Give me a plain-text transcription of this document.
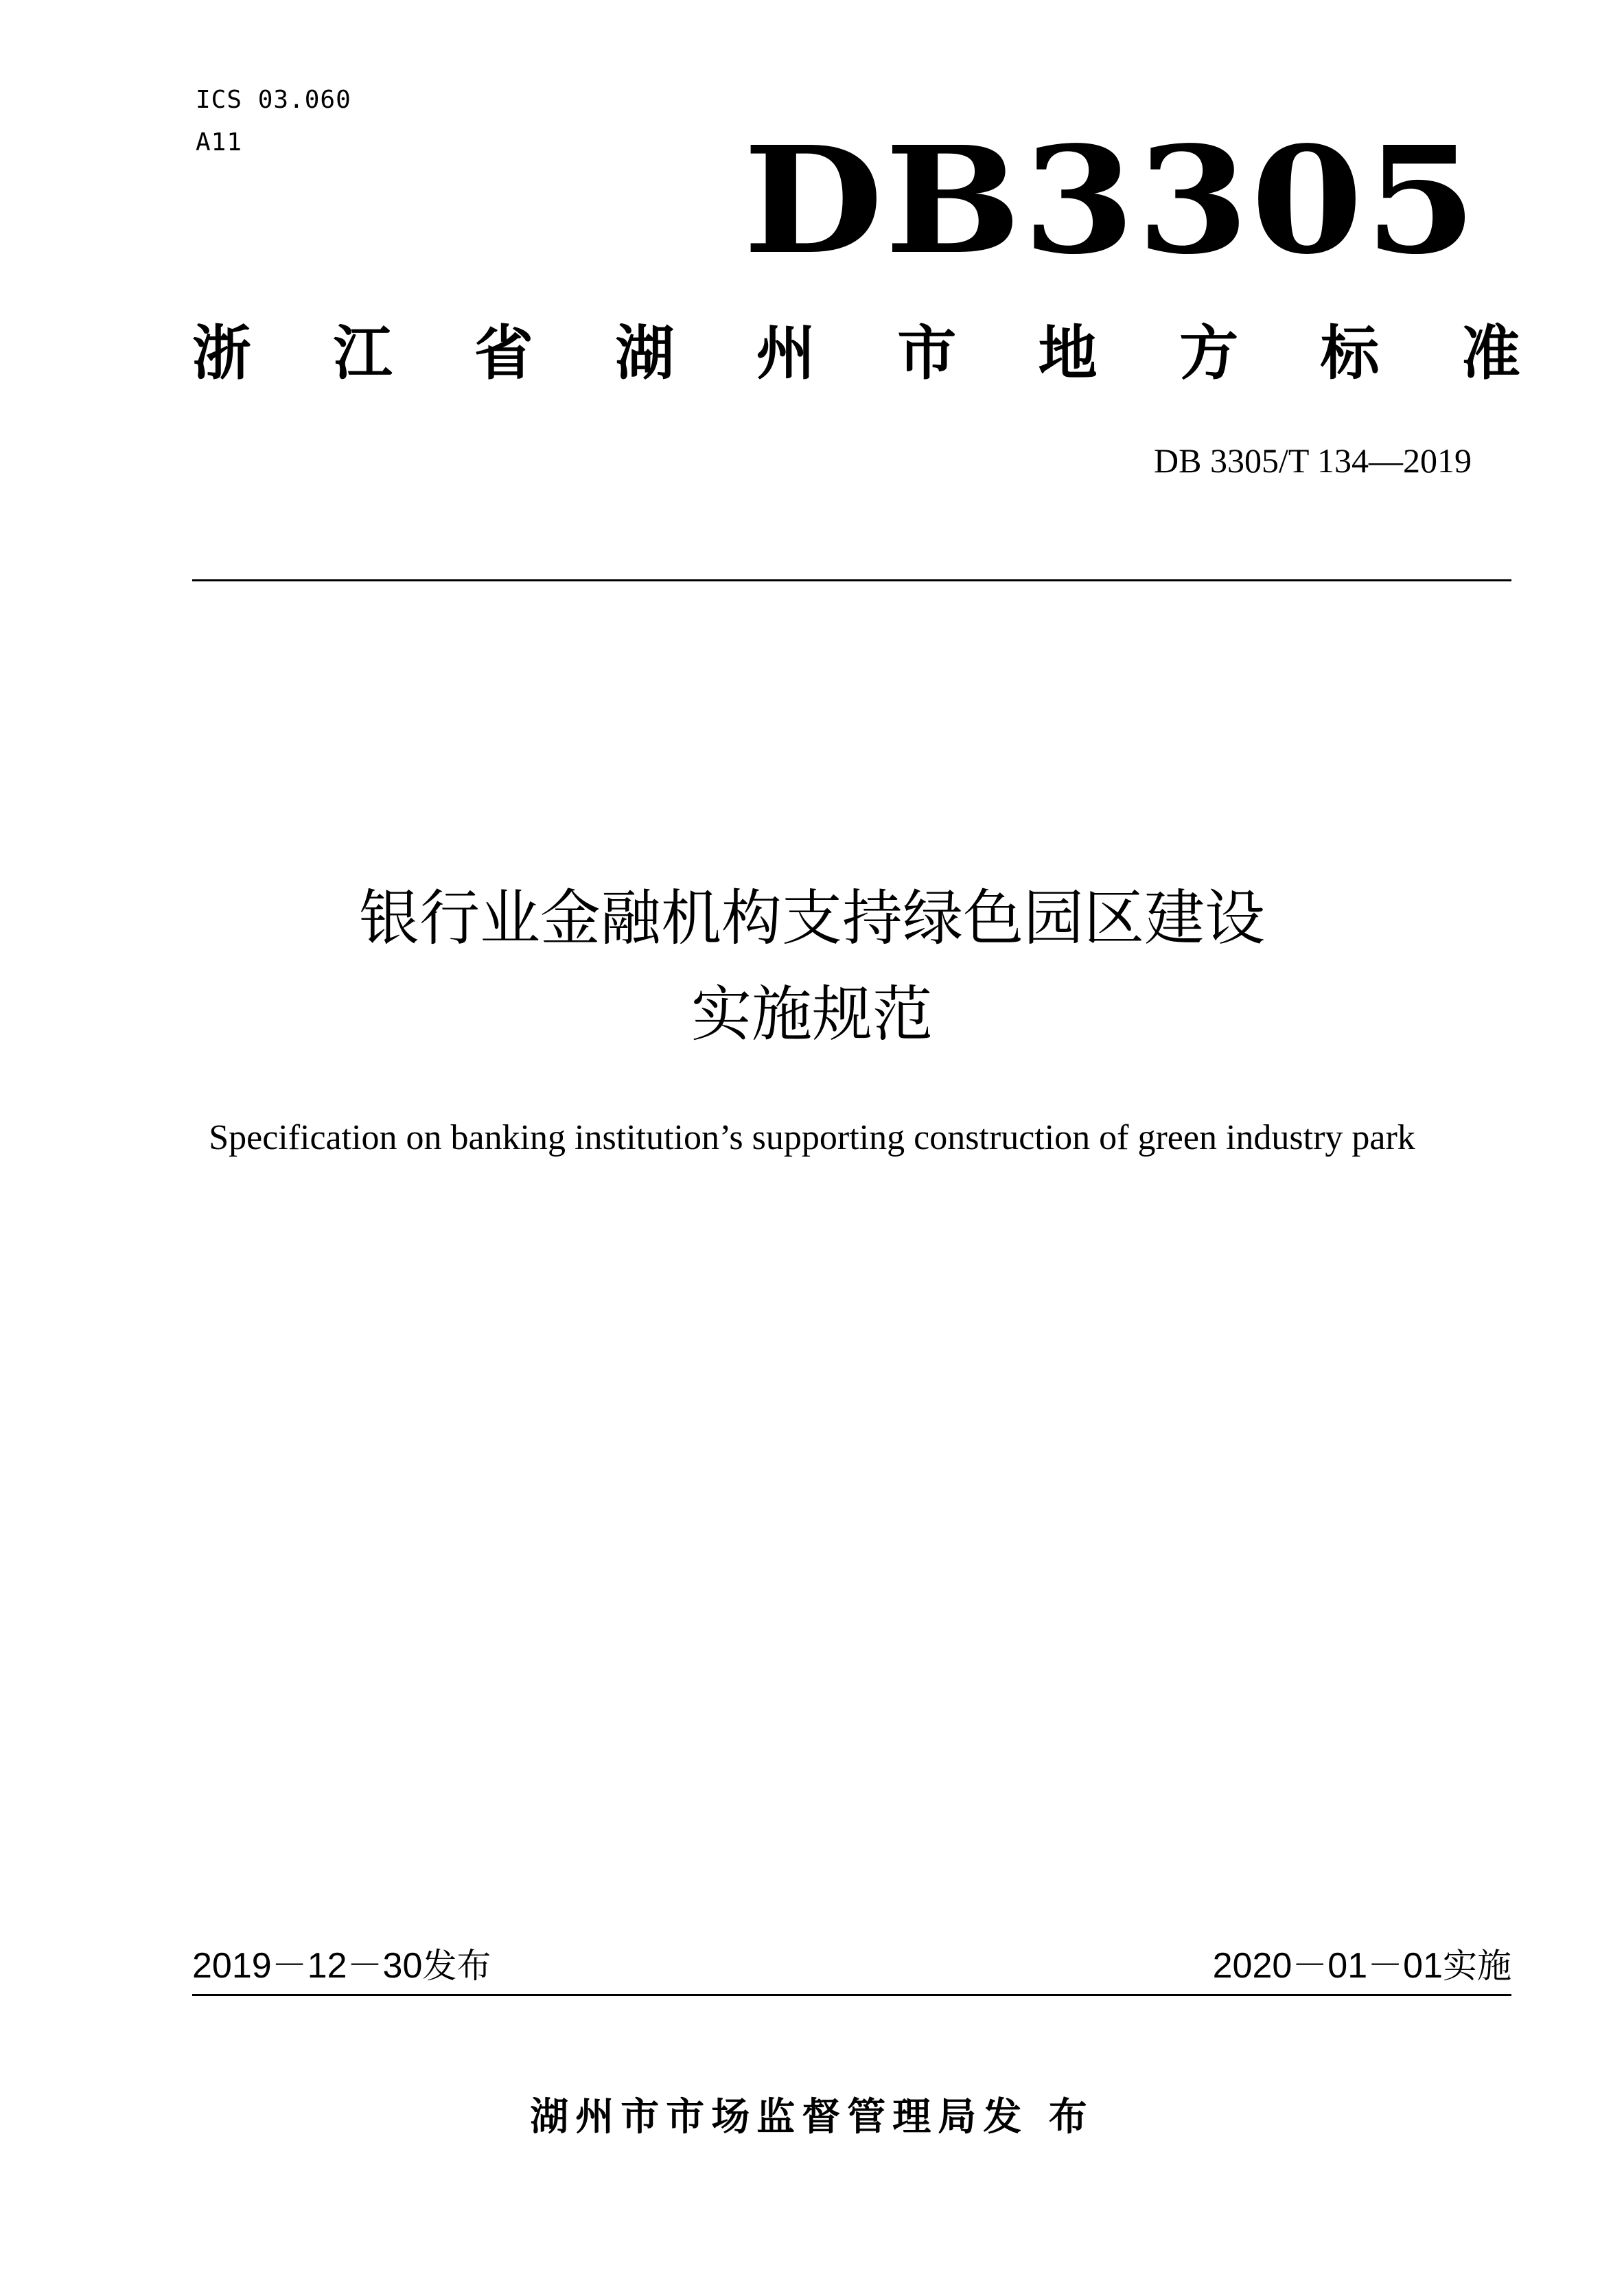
ICS 03.060
A11	DB3305
浙 江 省 湖 州 市 地 方 标 准
DB 3305/T 134—2019
银行业金融机构支持绿色园区建设
实施规范
Specification on banking institution’s supporting construction of green industry park
2019－12－30发布	2020－01－01实施
湖州市市场监督管理局发 布
